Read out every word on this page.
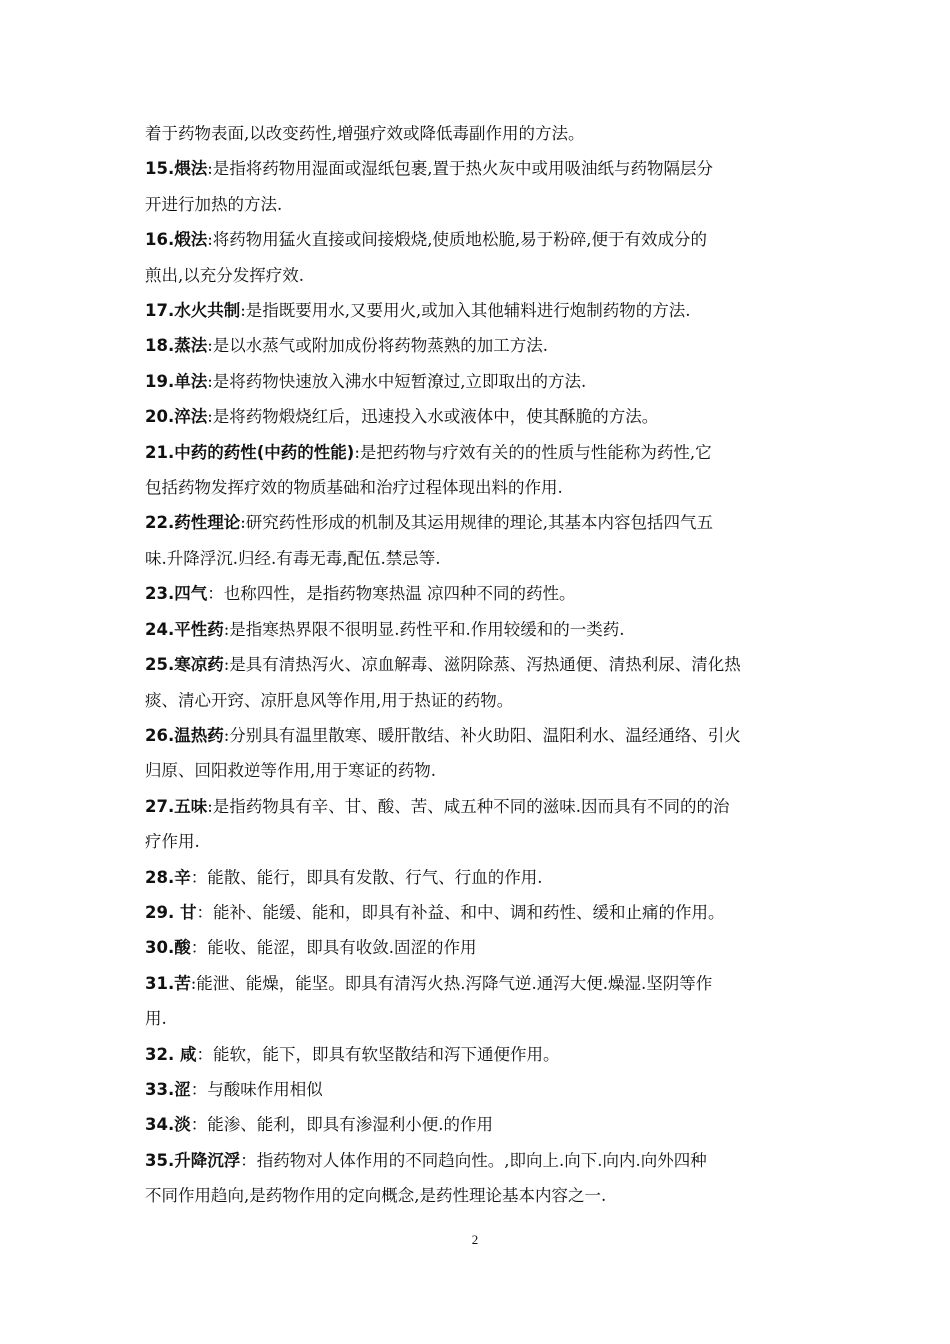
着于药物表面,以改变药性,增强疗效或降低毒副作用的方法。
15.煨法:是指将药物用湿面或湿纸包裹,置于热火灰中或用吸油纸与药物隔层分
开进行加热的方法.
16.煅法:将药物用猛火直接或间接煅烧,使质地松脆,易于粉碎,便于有效成分的
煎出,以充分发挥疗效.
17.水火共制:是指既要用水,又要用火,或加入其他辅料进行炮制药物的方法.
18.蒸法:是以水蒸气或附加成份将药物蒸熟的加工方法.
19.单法:是将药物快速放入沸水中短暂潦过,立即取出的方法.
20.淬法:是将药物煅烧红后，迅速投入水或液体中，使其酥脆的方法。
21.中药的药性(中药的性能):是把药物与疗效有关的的性质与性能称为药性,它
包括药物发挥疗效的物质基础和治疗过程体现出料的作用.
22.药性理论:研究药性形成的机制及其运用规律的理论,其基本内容包括四气五
味.升降浮沉.归经.有毒无毒,配伍.禁忌等.
23.四气：也称四性，是指药物寒热温 凉四种不同的药性。
24.平性药:是指寒热界限不很明显.药性平和.作用较缓和的一类药.
25.寒凉药:是具有清热泻火、凉血解毒、滋阴除蒸、泻热通便、清热利尿、清化热
痰、清心开窍、凉肝息风等作用,用于热证的药物。
26.温热药:分别具有温里散寒、暖肝散结、补火助阳、温阳利水、温经通络、引火
归原、回阳救逆等作用,用于寒证的药物.
27.五味:是指药物具有辛、甘、酸、苦、咸五种不同的滋味.因而具有不同的的治
疗作用.
28.辛：能散、能行，即具有发散、行气、行血的作用.
29. 甘：能补、能缓、能和，即具有补益、和中、调和药性、缓和止痛的作用。
30.酸：能收、能涩，即具有收敛.固涩的作用
31.苦:能泄、能燥，能坚。即具有清泻火热.泻降气逆.通泻大便.燥湿.坚阴等作
用.
32. 咸：能软，能下，即具有软坚散结和泻下通便作用。
33.涩：与酸味作用相似
34.淡：能渗、能利，即具有渗湿利小便.的作用
35.升降沉浮：指药物对人体作用的不同趋向性。,即向上.向下.向内.向外四种
不同作用趋向,是药物作用的定向概念,是药性理论基本内容之一.
2
